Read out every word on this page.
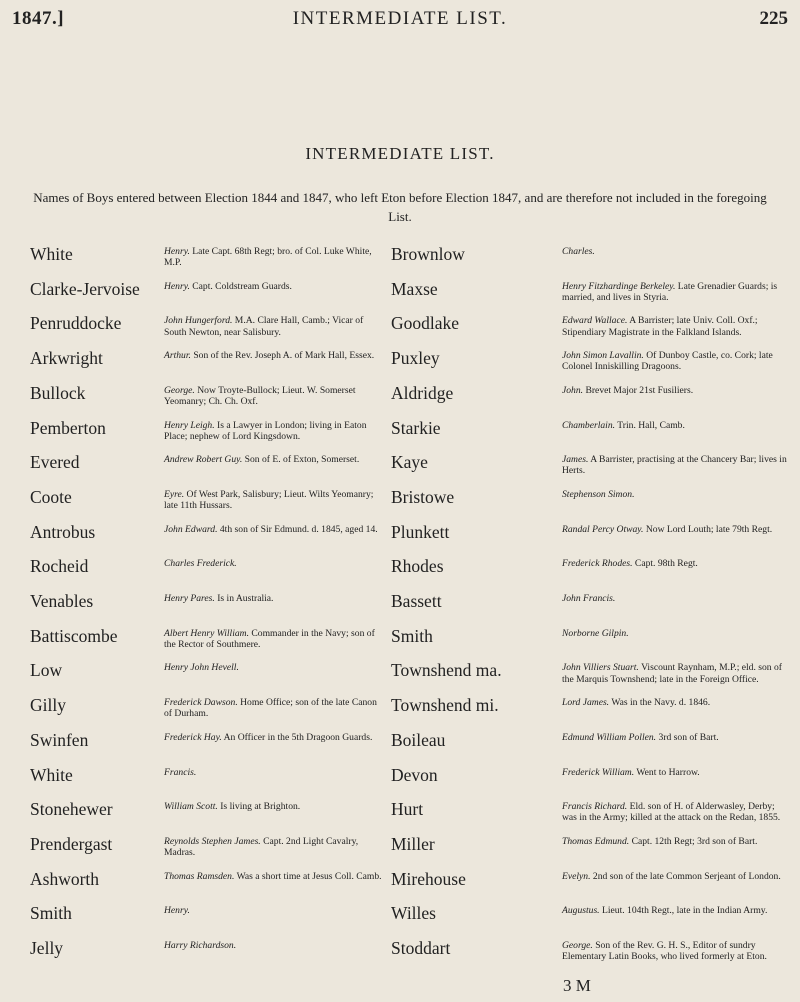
1847.]	INTERMEDIATE LIST.	225
INTERMEDIATE LIST.
Names of Boys entered between Election 1844 and 1847, who left Eton before Election 1847, and are therefore not included in the foregoing List.
3 M
White	Henry. Late Capt. 68th Regt; bro. of Col. Luke White, M.P.
Clarke-Jervoise	Henry. Capt. Coldstream Guards.
Penruddocke	John Hungerford. M.A. Clare Hall, Camb.; Vicar of South Newton, near Salisbury.
Arkwright	Arthur. Son of the Rev. Joseph A. of Mark Hall, Essex.
Bullock	George. Now Troyte-Bullock; Lieut. W. Somerset Yeomanry; Ch. Ch. Oxf.
Pemberton	Henry Leigh. Is a Lawyer in London; living in Eaton Place; nephew of Lord Kingsdown.
Evered	Andrew Robert Guy. Son of E. of Exton, Somerset.
Coote	Eyre. Of West Park, Salisbury; Lieut. Wilts Yeomanry; late 11th Hussars.
Antrobus	John Edward. 4th son of Sir Edmund. d. 1845, aged 14.
Rocheid	Charles Frederick.
Venables	Henry Pares. Is in Australia.
Battiscombe	Albert Henry William. Commander in the Navy; son of the Rector of Southmere.
Low	Henry John Hevell.
Gilly	Frederick Dawson. Home Office; son of the late Canon of Durham.
Swinfen	Frederick Hay. An Officer in the 5th Dragoon Guards.
White	Francis.
Stonehewer	William Scott. Is living at Brighton.
Prendergast	Reynolds Stephen James. Capt. 2nd Light Cavalry, Madras.
Ashworth	Thomas Ramsden. Was a short time at Jesus Coll. Camb.
Smith	Henry.
Jelly	Harry Richardson.
Brownlow	Charles.
Maxse	Henry Fitzhardinge Berkeley. Late Grenadier Guards; is married, and lives in Styria.
Goodlake	Edward Wallace. A Barrister; late Univ. Coll. Oxf.; Stipendiary Magistrate in the Falkland Islands.
Puxley	John Simon Lavallin. Of Dunboy Castle, co. Cork; late Colonel Inniskilling Dragoons.
Aldridge	John. Brevet Major 21st Fusiliers.
Starkie	Chamberlain. Trin. Hall, Camb.
Kaye	James. A Barrister, practising at the Chancery Bar; lives in Herts.
Bristowe	Stephenson Simon.
Plunkett	Randal Percy Otway. Now Lord Louth; late 79th Regt.
Rhodes	Frederick Rhodes. Capt. 98th Regt.
Bassett	John Francis.
Smith	Norborne Gilpin.
Townshend ma.	John Villiers Stuart. Viscount Raynham, M.P.; eld. son of the Marquis Townshend; late in the Foreign Office.
Townshend mi.	Lord James. Was in the Navy. d. 1846.
Boileau	Edmund William Pollen. 3rd son of Bart.
Devon	Frederick William. Went to Harrow.
Hurt	Francis Richard. Eld. son of H. of Alderwasley, Derby; was in the Army; killed at the attack on the Redan, 1855.
Miller	Thomas Edmund. Capt. 12th Regt; 3rd son of Bart.
Mirehouse	Evelyn. 2nd son of the late Common Serjeant of London.
Willes	Augustus. Lieut. 104th Regt., late in the Indian Army.
Stoddart	George. Son of the Rev. G. H. S., Editor of sundry Elementary Latin Books, who lived formerly at Eton.
